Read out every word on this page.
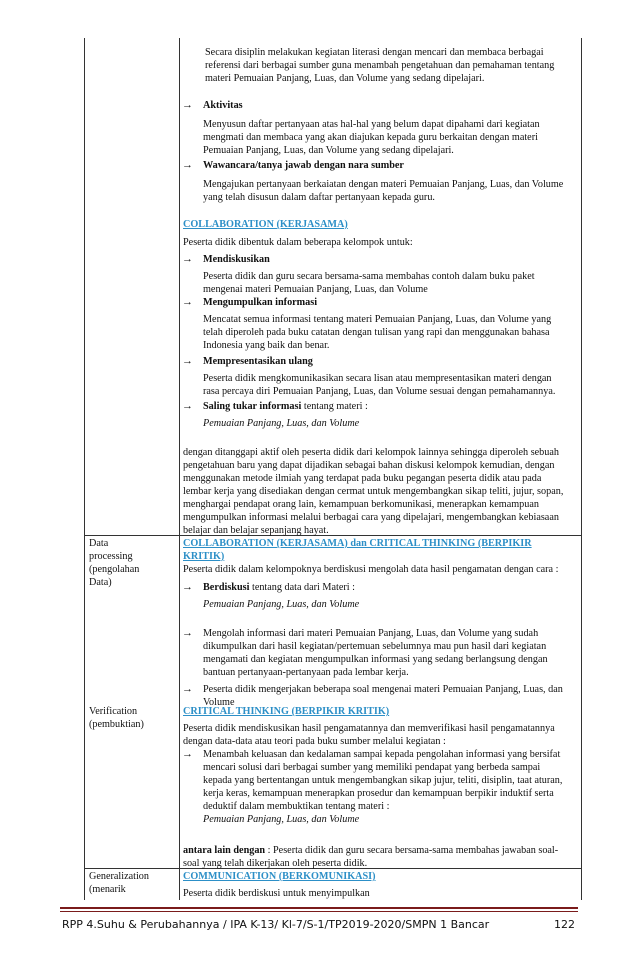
Secara disiplin melakukan kegiatan literasi dengan mencari dan membaca berbagai
referensi dari berbagai sumber guna menambah pengetahuan dan pemahaman tentang
materi Pemuaian Panjang, Luas, dan Volume yang sedang dipelajari.
→ Aktivitas
Menyusun daftar pertanyaan atas hal-hal yang belum dapat dipahami dari kegiatan
mengmati dan membaca yang akan diajukan kepada guru berkaitan dengan materi
Pemuaian Panjang, Luas, dan Volume yang sedang dipelajari.
→ Wawancara/tanya jawab dengan nara sumber
Mengajukan pertanyaan berkaiatan dengan materi Pemuaian Panjang, Luas, dan Volume
yang telah disusun dalam daftar pertanyaan kepada guru.
COLLABORATION (KERJASAMA)
Peserta didik dibentuk dalam beberapa kelompok untuk:
→ Mendiskusikan
Peserta didik dan guru secara bersama-sama membahas contoh dalam buku paket
mengenai materi Pemuaian Panjang, Luas, dan Volume
→ Mengumpulkan informasi
Mencatat semua informasi tentang materi Pemuaian Panjang, Luas, dan Volume yang
telah diperoleh pada buku catatan dengan tulisan yang rapi dan menggunakan bahasa
Indonesia yang baik dan benar.
→ Mempresentasikan ulang
Peserta didik mengkomunikasikan secara lisan atau mempresentasikan materi dengan
rasa percaya diri Pemuaian Panjang, Luas, dan Volume sesuai dengan pemahamannya.
→ Saling tukar informasi tentang materi :
Pemuaian Panjang, Luas, dan Volume
dengan ditanggapi aktif oleh peserta didik dari kelompok lainnya sehingga diperoleh sebuah
pengetahuan baru yang dapat dijadikan sebagai bahan diskusi kelompok kemudian, dengan
menggunakan metode ilmiah yang terdapat pada buku pegangan peserta didik atau pada
lembar kerja yang disediakan dengan cermat untuk mengembangkan sikap teliti, jujur, sopan,
menghargai pendapat orang lain, kemampuan berkomunikasi, menerapkan kemampuan
mengumpulkan informasi melalui berbagai cara yang dipelajari, mengembangkan kebiasaan
belajar dan belajar sepanjang hayat.
Data
processing
(pengolahan
Data)
COLLABORATION (KERJASAMA) dan CRITICAL THINKING (BERPIKIR
KRITIK)
Peserta didik dalam kelompoknya berdiskusi mengolah data hasil pengamatan dengan cara :
→ Berdiskusi tentang data dari Materi :
Pemuaian Panjang, Luas, dan Volume
→ Mengolah informasi dari materi Pemuaian Panjang, Luas, dan Volume yang sudah
dikumpulkan dari hasil kegiatan/pertemuan sebelumnya mau pun hasil dari kegiatan
mengamati dan kegiatan mengumpulkan informasi yang sedang berlangsung dengan
bantuan pertanyaan-pertanyaan pada lembar kerja.
→ Peserta didik mengerjakan beberapa soal mengenai materi Pemuaian Panjang, Luas, dan
Volume
Verification
(pembuktian)
CRITICAL THINKING (BERPIKIR KRITIK)
Peserta didik mendiskusikan hasil pengamatannya dan memverifikasi hasil pengamatannya
dengan data-data atau teori pada buku sumber melalui kegiatan :
→ Menambah keluasan dan kedalaman sampai kepada pengolahan informasi yang bersifat
mencari solusi dari berbagai sumber yang memiliki pendapat yang berbeda sampai
kepada yang bertentangan untuk mengembangkan sikap jujur, teliti, disiplin, taat aturan,
kerja keras, kemampuan menerapkan prosedur dan kemampuan berpikir induktif serta
deduktif dalam membuktikan tentang materi :
Pemuaian Panjang, Luas, dan Volume
antara lain dengan : Peserta didik dan guru secara bersama-sama membahas jawaban soal-
soal yang telah dikerjakan oleh peserta didik.
Generalization
(menarik
COMMUNICATION (BERKOMUNIKASI)
Peserta didik berdiskusi untuk menyimpulkan
RPP 4.Suhu & Perubahannya / IPA K-13/ Kl-7/S-1/TP2019-2020/SMPN 1 Bancar	122
